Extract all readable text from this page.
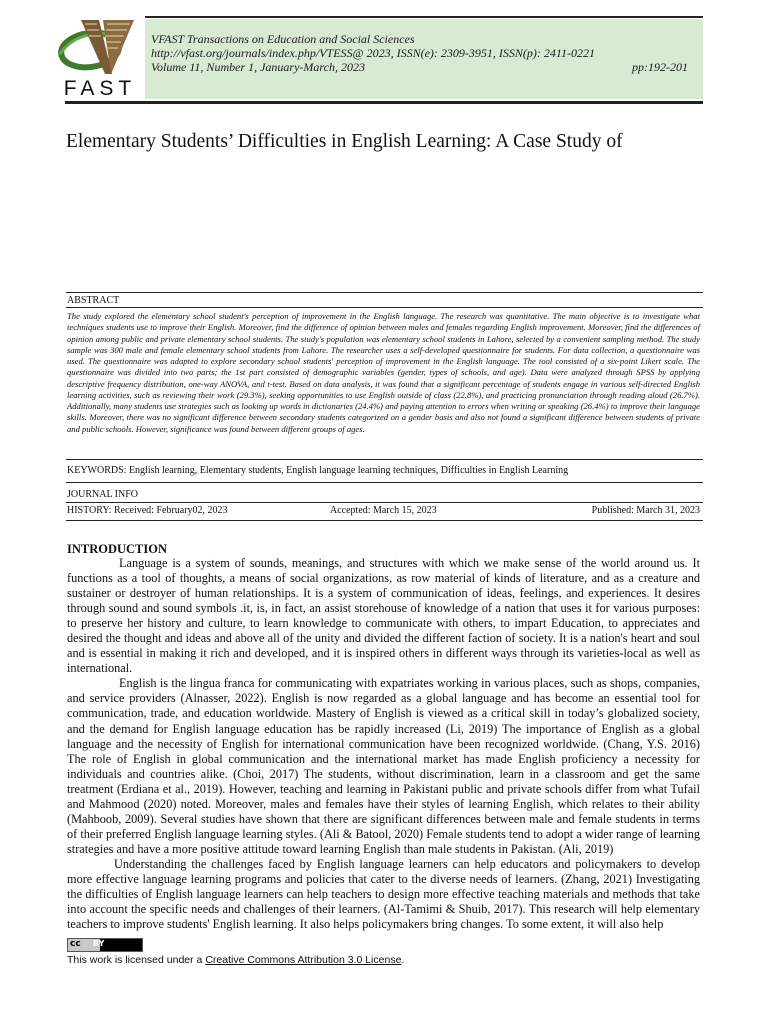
FAST
VFAST Transactions on Education and Social Sciences
http://vfast.org/journals/index.php/VTESS@ 2023, ISSN(e): 2309-3951, ISSN(p): 2411-0221
Volume 11, Number 1, January-March, 2023	pp:192-201
Elementary Students’ Difficulties in English Learning: A Case Study of
ABSTRACT
The study explored the elementary school student's perception of improvement in the English language. The research was quantitative. The main objective is to investigate what techniques students use to improve their English. Moreover, find the difference of opinion between males and females regarding English improvement. Moreover, find the differences of opinion among public and private elementary school students. The study's population was elementary school students in Lahore, selected by a convenient sampling method. The study sample was 300 male and female elementary school students from Lahore. The researcher uses a self-developed questionnaire for students. For data collection, a questionnaire was used. The questionnaire was adapted to explore secondary school students' perception of improvement in the English language. The tool consisted of a six-point Likert scale. The questionnaire was divided into two parts; the 1st part consisted of demographic variables (gender, types of schools, and age). Data were analyzed through SPSS by applying descriptive frequency distribution, one-way ANOVA, and t-test. Based on data analysis, it was found that a significant percentage of students engage in various self-directed English learning activities, such as reviewing their work (29.3%), seeking opportunities to use English outside of class (22.8%), and practicing pronunciation through reading aloud (26.7%). Additionally, many students use strategies such as looking up words in dictionaries (24.4%) and paying attention to errors when writing or speaking (26.4%) to improve their language skills. Moreover, there was no significant difference between secondary students categorized on a gender basis and also not found a significant difference between students of private and public schools. However, significance was found between different groups of ages.
KEYWORDS: English learning, Elementary students, English language learning techniques, Difficulties in English Learning
JOURNAL INFO
HISTORY: Received: February02, 2023	Accepted: March 15, 2023	Published: March 31, 2023
INTRODUCTION

Language is a system of sounds, meanings, and structures with which we make sense of the world around us. It functions as a tool of thoughts, a means of social organizations, as row material of kinds of literature, and as a creature and sustainer or destroyer of human relationships. It is a system of communication of ideas, feelings, and experiences. It desires through sound and sound symbols .it, is, in fact, an assist storehouse of knowledge of a nation that uses it for various purposes: to preserve her history and culture, to learn knowledge to communicate with others, to impart Education, to appreciates and desired the thought and ideas and above all of the unity and divided the different faction of society. It is a nation's heart and soul and is essential in making it rich and developed, and it is inspired others in different ways through its varieties-local as well as international.

English is the lingua franca for communicating with expatriates working in various places, such as shops, companies, and service providers (Alnasser, 2022). English is now regarded as a global language and has become an essential tool for communication, trade, and education worldwide. Mastery of English is viewed as a critical skill in today’s globalized society, and the demand for English language education has be rapidly increased (Li, 2019) The importance of English as a global language and the necessity of English for international communication have been recognized worldwide. (Chang, Y.S. 2016) The role of English in global communication and the international market has made English proficiency a necessity for individuals and countries alike. (Choi, 2017) The students, without discrimination, learn in a classroom and get the same treatment (Erdiana et al., 2019). However, teaching and learning in Pakistani public and private schools differ from what Tufail and Mahmood (2020) noted. Moreover, males and females have their styles of learning English, which relates to their ability (Mahboob, 2009). Several studies have shown that there are significant differences between male and female students in terms of their preferred English language learning styles. (Ali & Batool, 2020) Female students tend to adopt a wider range of learning strategies and have a more positive attitude toward learning English than male students in Pakistan. (Ali, 2019)

Understanding the challenges faced by English language learners can help educators and policymakers to develop more effective language learning programs and policies that cater to the diverse needs of learners. (Zhang, 2021) Investigating the difficulties of English language learners can help teachers to design more effective teaching materials and methods that take into account the specific needs and challenges of their learners. (Al-Tamimi & Shuib, 2017). This research will help elementary teachers to improve students' English learning. It also helps policymakers bring changes. To some extent, it will also help

cc BY
This work is licensed under a Creative Commons Attribution 3.0 License.
